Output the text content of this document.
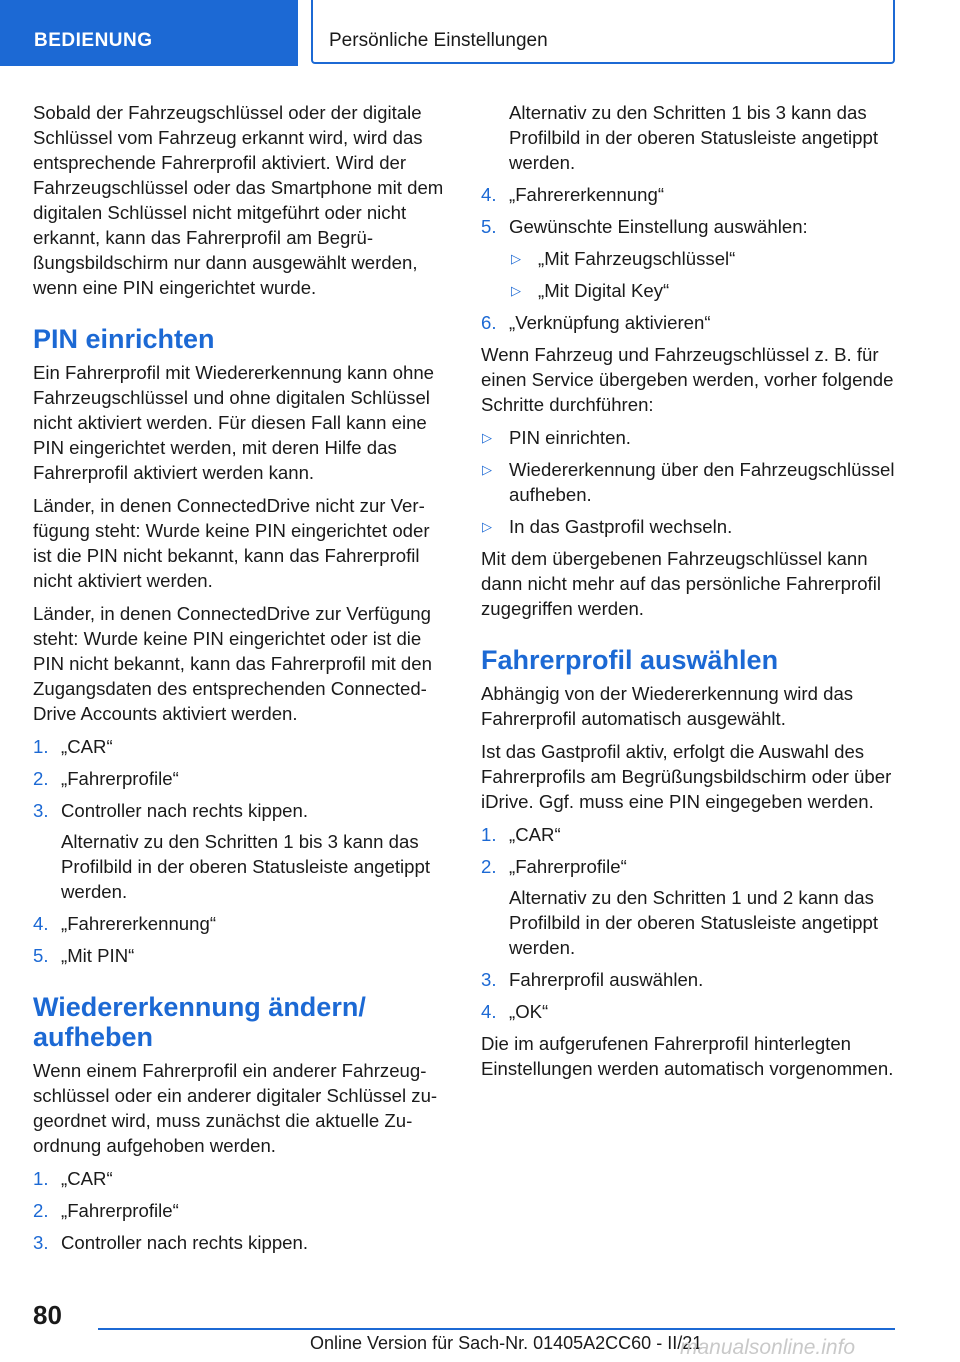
BEDIENUNG	Persönliche Einstellungen

Sobald der Fahrzeugschlüssel oder der digitale Schlüssel vom Fahrzeug erkannt wird, wird das entsprechende Fahrerprofil aktiviert. Wird der Fahrzeugschlüssel oder das Smartphone mit dem digitalen Schlüssel nicht mitgeführt oder nicht erkannt, kann das Fahrerprofil am Begrüßungsbildschirm nur dann ausgewählt werden, wenn eine PIN eingerichtet wurde.

PIN einrichten

Ein Fahrerprofil mit Wiedererkennung kann ohne Fahrzeugschlüssel und ohne digitalen Schlüssel nicht aktiviert werden. Für diesen Fall kann eine PIN eingerichtet werden, mit deren Hilfe das Fahrerprofil aktiviert werden kann.

Länder, in denen ConnectedDrive nicht zur Verfügung steht: Wurde keine PIN eingerichtet oder ist die PIN nicht bekannt, kann das Fahrerprofil nicht aktiviert werden.

Länder, in denen ConnectedDrive zur Verfügung steht: Wurde keine PIN eingerichtet oder ist die PIN nicht bekannt, kann das Fahrerprofil mit den Zugangsdaten des entsprechenden ConnectedDrive Accounts aktiviert werden.

1. „CAR“
2. „Fahrerprofile“
3. Controller nach rechts kippen.
Alternativ zu den Schritten 1 bis 3 kann das Profilbild in der oberen Statusleiste angetippt werden.
4. „Fahrererkennung“
5. „Mit PIN“
Wiedererkennung ändern/ aufheben

Wenn einem Fahrerprofil ein anderer Fahrzeugschlüssel oder ein anderer digitaler Schlüssel zugeordnet wird, muss zunächst die aktuelle Zuordnung aufgehoben werden.

1. „CAR“
2. „Fahrerprofile“
3. Controller nach rechts kippen.
Alternativ zu den Schritten 1 bis 3 kann das Profilbild in der oberen Statusleiste angetippt werden.
4. „Fahrererkennung“
5. Gewünschte Einstellung auswählen:
▷ „Mit Fahrzeugschlüssel“
▷ „Mit Digital Key“
6. „Verknüpfung aktivieren“

Wenn Fahrzeug und Fahrzeugschlüssel z. B. für einen Service übergeben werden, vorher folgende Schritte durchführen:

▷ PIN einrichten.
▷ Wiedererkennung über den Fahrzeugschlüssel aufheben.
▷ In das Gastprofil wechseln.

Mit dem übergebenen Fahrzeugschlüssel kann dann nicht mehr auf das persönliche Fahrerprofil zugegriffen werden.

Fahrerprofil auswählen

Abhängig von der Wiedererkennung wird das Fahrerprofil automatisch ausgewählt.

Ist das Gastprofil aktiv, erfolgt die Auswahl des Fahrerprofils am Begrüßungsbildschirm oder über iDrive. Ggf. muss eine PIN eingegeben werden.

1. „CAR“
2. „Fahrerprofile“
Alternativ zu den Schritten 1 und 2 kann das Profilbild in der oberen Statusleiste angetippt werden.
3. Fahrerprofil auswählen.
4. „OK“

Die im aufgerufenen Fahrerprofil hinterlegten Einstellungen werden automatisch vorgenommen.

80
Online Version für Sach-Nr. 01405A2CC60 - II/21
manualsonline.info
